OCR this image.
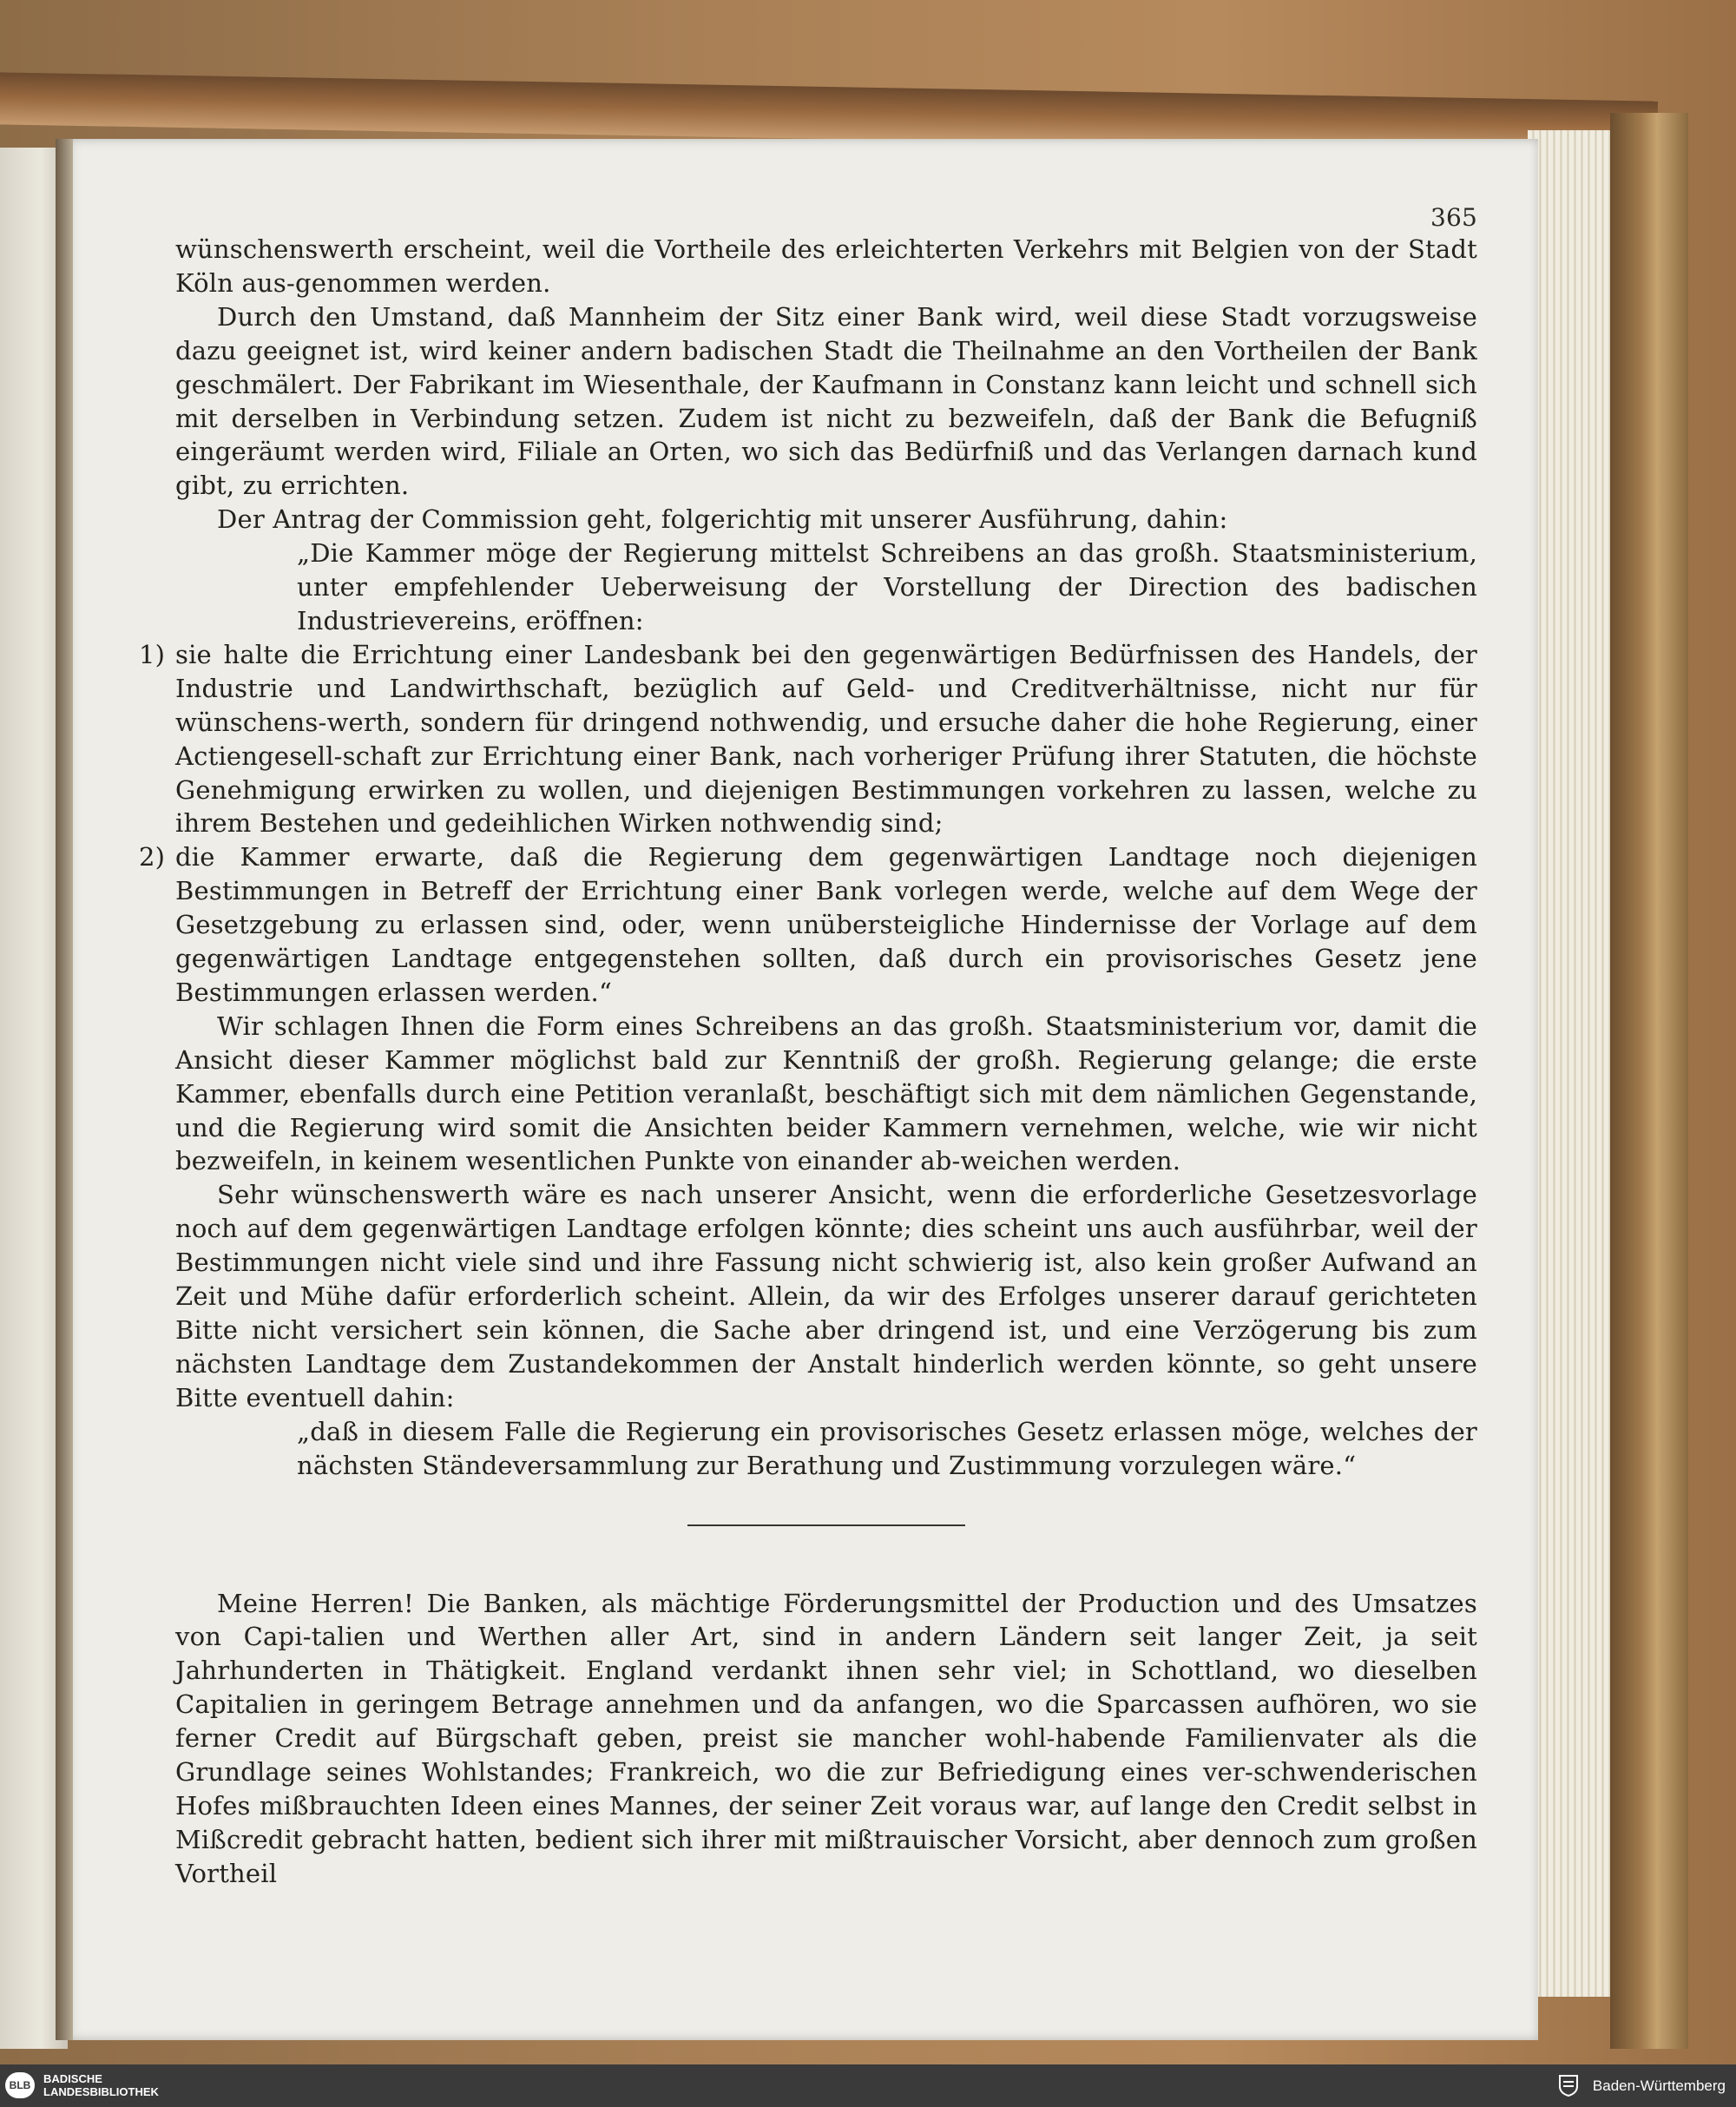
365

wünschenswerth erscheint, weil die Vortheile des erleichterten Verkehrs mit Belgien von der Stadt Köln aus-genommen werden.

Durch den Umstand, daß Mannheim der Sitz einer Bank wird, weil diese Stadt vorzugsweise dazu geeignet ist, wird keiner andern badischen Stadt die Theilnahme an den Vortheilen der Bank geschmälert. Der Fabrikant im Wiesenthale, der Kaufmann in Constanz kann leicht und schnell sich mit derselben in Verbindung setzen. Zudem ist nicht zu bezweifeln, daß der Bank die Befugniß eingeräumt werden wird, Filiale an Orten, wo sich das Bedürfniß und das Verlangen darnach kund gibt, zu errichten.

Der Antrag der Commission geht, folgerichtig mit unserer Ausführung, dahin:

„Die Kammer möge der Regierung mittelst Schreibens an das großh. Staatsministerium, unter empfehlender Ueberweisung der Vorstellung der Direction des badischen Industrievereins, eröffnen:

1) sie halte die Errichtung einer Landesbank bei den gegenwärtigen Bedürfnissen des Handels, der Industrie und Landwirthschaft, bezüglich auf Geld- und Creditverhältnisse, nicht nur für wünschens-werth, sondern für dringend nothwendig, und ersuche daher die hohe Regierung, einer Actiengesell-schaft zur Errichtung einer Bank, nach vorheriger Prüfung ihrer Statuten, die höchste Genehmigung erwirken zu wollen, und diejenigen Bestimmungen vorkehren zu lassen, welche zu ihrem Bestehen und gedeihlichen Wirken nothwendig sind;
2) die Kammer erwarte, daß die Regierung dem gegenwärtigen Landtage noch diejenigen Bestimmungen in Betreff der Errichtung einer Bank vorlegen werde, welche auf dem Wege der Gesetzgebung zu erlassen sind, oder, wenn unübersteigliche Hindernisse der Vorlage auf dem gegenwärtigen Landtage entgegenstehen sollten, daß durch ein provisorisches Gesetz jene Bestimmungen erlassen werden.“

Wir schlagen Ihnen die Form eines Schreibens an das großh. Staatsministerium vor, damit die Ansicht dieser Kammer möglichst bald zur Kenntniß der großh. Regierung gelange; die erste Kammer, ebenfalls durch eine Petition veranlaßt, beschäftigt sich mit dem nämlichen Gegenstande, und die Regierung wird somit die Ansichten beider Kammern vernehmen, welche, wie wir nicht bezweifeln, in keinem wesentlichen Punkte von einander ab-weichen werden.

Sehr wünschenswerth wäre es nach unserer Ansicht, wenn die erforderliche Gesetzesvorlage noch auf dem gegenwärtigen Landtage erfolgen könnte; dies scheint uns auch ausführbar, weil der Bestimmungen nicht viele sind und ihre Fassung nicht schwierig ist, also kein großer Aufwand an Zeit und Mühe dafür erforderlich scheint. Allein, da wir des Erfolges unserer darauf gerichteten Bitte nicht versichert sein können, die Sache aber dringend ist, und eine Verzögerung bis zum nächsten Landtage dem Zustandekommen der Anstalt hinderlich werden könnte, so geht unsere Bitte eventuell dahin:

„daß in diesem Falle die Regierung ein provisorisches Gesetz erlassen möge, welches der nächsten Ständeversammlung zur Berathung und Zustimmung vorzulegen wäre.“

Meine Herren! Die Banken, als mächtige Förderungsmittel der Production und des Umsatzes von Capi-talien und Werthen aller Art, sind in andern Ländern seit langer Zeit, ja seit Jahrhunderten in Thätigkeit. England verdankt ihnen sehr viel; in Schottland, wo dieselben Capitalien in geringem Betrage annehmen und da anfangen, wo die Sparcassen aufhören, wo sie ferner Credit auf Bürgschaft geben, preist sie mancher wohl-habende Familienvater als die Grundlage seines Wohlstandes; Frankreich, wo die zur Befriedigung eines ver-schwenderischen Hofes mißbrauchten Ideen eines Mannes, der seiner Zeit voraus war, auf lange den Credit selbst in Mißcredit gebracht hatten, bedient sich ihrer mit mißtrauischer Vorsicht, aber dennoch zum großen Vortheil

BLB	BADISCHE
LANDESBIBLIOTHEK	Baden-Württemberg
